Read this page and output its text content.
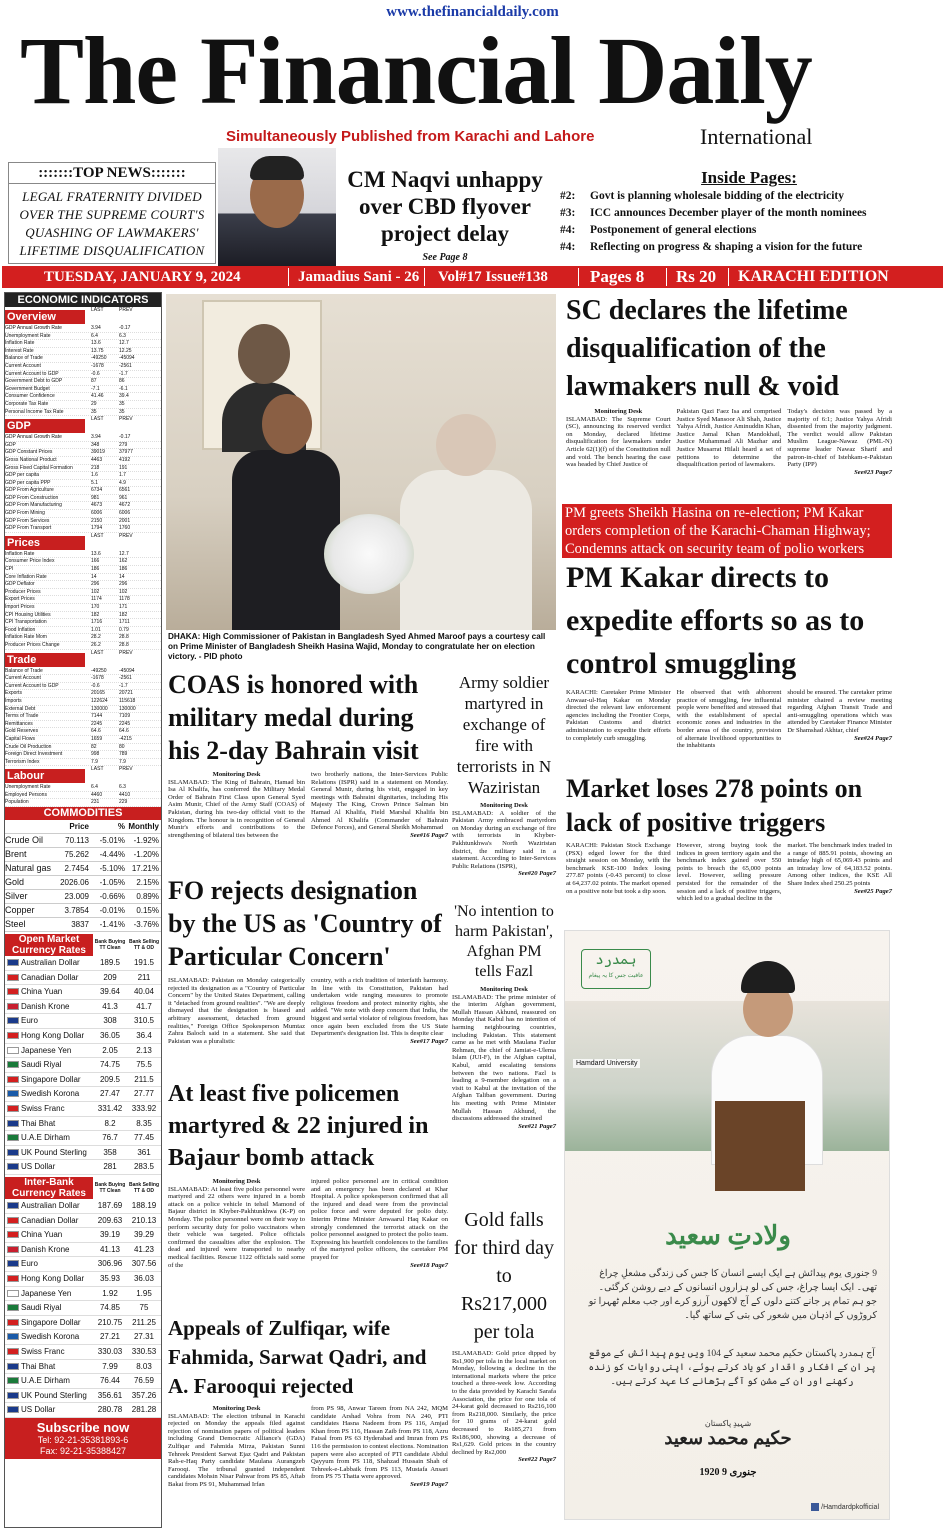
www.thefinancialdaily.com
The Financial Daily
Simultaneously Published from Karachi and Lahore	International
:::::::TOP NEWS:::::::
LEGAL FRATERNITY DIVIDED OVER THE SUPREME COURT'S QUASHING OF LAWMAKERS' LIFETIME DISQUALIFICATION
CM Naqvi unhappy over CBD flyover project delay
See Page 8
Inside Pages:
#2:	Govt is planning wholesale bidding of the electricity
#3:	ICC announces December player of the month nominees
#4:	Postponement of general elections
#4:	Reflecting on progress & shaping a vision for the future
TUESDAY, JANUARY 9, 2024	Jamadius Sani - 26 Vol#17 Issue#138 Pages 8 Rs 20 KARACHI EDITION
ECONOMIC INDICATORS
Overview
LAST	PREV
GDP Annual Growth Rate	3.94	-0.17
Unemployment Rate	6.4	6.3
Inflation Rate	13.6	12.7
Interest Rate	13.75	12.25
Balance of Trade	-49250	-45094
Current Account	-1678	-2561
Current Account to GDP	-0.6	-1.7
Government Debt to GDP	87	86
Government Budget	-7.1	-6.1
Consumer Confidence	41.46	39.4
Corporate Tax Rate	29	35
Personal Income Tax Rate	35	35
GDP
LAST	PREV
GDP Annual Growth Rate	3.94	-0.17
GDP	348	279
GDP Constant Prices	39019	37977
Gross National Product	4463	4192
Gross Fixed Capital Formation	218	191
GDP per capita	1.6	1.7
GDP per capita PPP	5.1	4.9
GDP From Agriculture	6734	6561
GDP From Construction	981	961
GDP From Manufacturing	4673	4672
GDP From Mining	6006	6006
GDP From Services	2150	2001
GDP From Transport	1794	1760
Prices
LAST	PREV
Inflation Rate	13.6	12.7
Consumer Price Index	166	162
CPI	186	186
Core Inflation Rate	14	14
GDP Deflator	296	296
Producer Prices	102	102
Export Prices	1174	1178
Import Prices	170	171
CPI Housing Utilities	182	182
CPI Transportation	1716	1711
Food Inflation	1.01	0.79
Inflation Rate Mom	28.2	28.8
Producer Prices Change	26.2	28.8
Trade
LAST	PREV
Balance of Trade	-49250	-45094
Current Account	-1678	-2561
Current Account to GDP	-0.6	-1.7
Exports	20165	20721
Imports	122624	115618
External Debt	130000	130000
Terms of Trade	7144	7109
Remittances	2245	2245
Gold Reserves	64.6	64.6
Capital Flows	1659	-4215
Crude Oil Production	82	80
Foreign Direct Investment	998	789
Terrorism Index	7.9	7.9
Labour
LAST	PREV
Unemployment Rate	6.4	6.3
Employed Persons	4460	4410
Population	231	229
COMMODITIES
Price	% Monthly
Crude Oil	70.113	-5.01%	-1.92%
Brent	75.262	-4.44%	-1.20%
Natural gas	2.7454	-5.10% 17.21%
Gold	2026.06	-1.05%	2.15%
Silver	23.009	-0.66%	0.89%
Copper	3.7854	-0.01%	0.15%
Steel	3837	-1.41%	-3.76%
Open Market Currency Rates
Bank Buying TT Clean
Bank Selling TT & OD
Australian Dollar	189.5	191.5
Canadian Dollar	209	211
China Yuan	39.64	40.04
Danish Krone	41.3	41.7
Euro	308	310.5
Hong Kong Dollar	36.05	36.4
Japanese Yen	2.05	2.13
Saudi Riyal	74.75	75.5
Singapore Dollar	209.5	211.5
Swedish Korona	27.47	27.77
Swiss Franc	331.42	333.92
Thai Bhat	8.2	8.35
U.A.E Dirham	76.7	77.45
UK Pound Sterling	358	361
US Dollar	281	283.5
Inter-Bank Currency Rates
Bank Buying TT Clean
Bank Selling TT & OD
Australian Dollar	187.69	188.19
Canadian Dollar	209.63	210.13
China Yuan	39.19	39.29
Danish Krone	41.13	41.23
Euro	306.96	307.56
Hong Kong Dollar	35.93	36.03
Japanese Yen	1.92	1.95
Saudi Riyal	74.85	75
Singapore Dollar	210.75	211.25
Swedish Korona	27.21	27.31
Swiss Franc	330.03	330.53
Thai Bhat	7.99	8.03
U.A.E Dirham	76.44	76.59
UK Pound Sterling	356.61	357.26
US Dollar	280.78	281.28
Subscribe now
Tel: 92-21-35381893-6
Fax: 92-21-35388427
DHAKA: High Commissioner of Pakistan in Bangladesh Syed Ahmed Maroof pays a courtesy call on Prime Minister of Bangladesh Sheikh Hasina Wajid, Monday to congratulate her on election victory. - PID photo
SC declares the lifetime disqualification of the lawmakers null & void
Monitoring Desk
ISLAMABAD: The Supreme Court (SC), announcing its reserved verdict on Monday, declared lifetime disqualification for lawmakers under Article 62(1)(f) of the Constitution null and void. The bench hearing the case was headed by Chief Justice of
Pakistan Qazi Faez Isa and comprised Justice Syed Mansoor Ali Shah, Justice Yahya Afridi, Justice Aminuddin Khan, Justice Jamal Khan Mandokhail, Justice Muhammad Ali Mazhar and Justice Musarrat Hilali heard a set of petitions to determine the disqualification period of lawmakers.
Today's decision was passed by a majority of 6:1; Justice Yahya Afridi dissented from the majority judgment. The verdict would allow Pakistan Muslim League-Nawaz (PML-N) supreme leader Nawaz Sharif and patron-in-chief of Istehkam-e-Pakistan Party (IPP)
See#23 Page7
PM greets Sheikh Hasina on re-election; PM Kakar orders completion of the Karachi-Chaman Highway; Condemns attack on security team of polio workers
PM Kakar directs to expedite efforts so as to control smuggling
KARACHI: Caretaker Prime Minister Anwaar-ul-Haq Kakar on Monday directed the relevant law enforcement agencies including the Frontier Corps, Pakistan Customs and district administration to expedite their efforts to completely curb smuggling.
He observed that with abhorrent practice of smuggling, few influential people were benefited and stressed that with the establishment of special economic zones and industries in the border areas of the country, provision of alternate livelihood opportunities to the inhabitants
should be ensured. The caretaker prime minister chaired a review meeting regarding Afghan Transit Trade and anti-smuggling operations which was attended by Caretaker Finance Minister Dr Shamshad Akhtar, chief
See#24 Page7
Market loses 278 points on lack of positive triggers
KARACHI: Pakistan Stock Exchange (PSX) edged lower for the third straight session on Monday, with the benchmark KSE-100 Index losing 277.87 points (-0.43 percent) to close at 64,237.02 points. The market opened on a positive note but took a dip soon.
However, strong buying took the indices in green territory again and the benchmark index gained over 550 points to breach the 65,000 points level. However, selling pressure persisted for the remainder of the session and a lack of positive triggers, which led to a gradual decline in the
market. The benchmark index traded in a range of 885.91 points, showing an intraday high of 65,069.43 points and an intraday low of 64,183.52 points. Among other indices, the KSE All Share Index shed 250.25 points
See#25 Page7
COAS is honored with military medal during his 2-day Bahrain visit
Monitoring Desk
ISLAMABAD: The King of Bahrain, Hamad bin Isa Al Khalifa, has conferred the Military Medal Order of Bahrain First Class upon General Syed Asim Munir, Chief of the Army Staff (COAS) of Pakistan, during his two-day official visit to the Kingdom. The honour is in recognition of General Munir's efforts and contributions to the strengthening of bilateral ties between the
two brotherly nations, the Inter-Services Public Relations (ISPR) said in a statement on Monday. General Munir, during his visit, engaged in key meetings with Bahraini dignitaries, including His Majesty The King, Crown Prince Salman bin Hamad Al Khalifa, Field Marshal Khalifa bin Ahmed Al Khalifa (Commander of Bahrain Defence Forces), and General Sheikh Mohammad
See#16 Page7
Army soldier martyred in exchange of fire with terrorists in N Waziristan
Monitoring Desk
ISLAMABAD: A soldier of the Pakistan Army embraced martyrdom on Monday during an exchange of fire with terrorists in Khyber-Pakhtunkhwa's North Waziristan district, the military said in a statement. According to Inter-Services Public Relations (ISPR),
See#20 Page7
FO rejects designation by the US as 'Country of Particular Concern'
ISLAMABAD: Pakistan on Monday categorically rejected its designation as a "Country of Particular Concern" by the United States Department, calling it "detached from ground realities". "We are deeply dismayed that the designation is biased and arbitrary assessment, detached from ground realities," Foreign Office Spokesperson Mumtaz Zahra Baloch said in a statement. She said that Pakistan was a pluralistic
country, with a rich tradition of interfaith harmony. In line with its Constitution, Pakistan had undertaken wide ranging measures to promote religious freedom and protect minority rights, she added. "We note with deep concern that India, the biggest and serial violator of religious freedom, has once again been excluded from the US State Department's designation list. This is despite clear
See#17 Page7
'No intention to harm Pakistan', Afghan PM tells Fazl
Monitoring Desk
ISLAMABAD: The prime minister of the interim Afghan government, Mullah Hassan Akhund, reassured on Monday that Kabul has no intention of harming neighbouring countries, including Pakistan. This statement came as he met with Maulana Fazlur Rehman, the chief of Jamiat-e-Ulema Islam (JUI-F), in the Afghan capital, Kabul, amid escalating tensions between the two nations. Fazl is leading a 9-member delegation on a visit to Kabul at the invitation of the Afghan Taliban government. During his meeting with Prime Minister Mullah Hassan Akhund, the discussions addressed the strained
See#21 Page7
At least five policemen martyred & 22 injured in Bajaur bomb attack
Monitoring Desk
ISLAMABAD: At least five police personnel were martyred and 22 others were injured in a bomb attack on a police vehicle in tehsil Mamond of Bajaur district in Khyber-Pakhtunkhwa (K-P) on Monday. The police personnel were on their way to perform security duty for polio vaccinators when their vehicle was targeted. Police officials confirmed the casualties after the explosion. The dead and injured were transported to nearby medical facilities. Rescue 1122 officials said some of the
injured police personnel are in critical condition and an emergency has been declared at Khar Hospital. A police spokesperson confirmed that all the injured and dead were from the provincial police force and were deputed for polio duty. Interim Prime Minister Anwaarul Haq Kakar on strongly condemned the terrorist attack on the police personnel assigned to protect the polio team. Expressing his heartfelt condolences to the families of the martyred police officers, the caretaker PM prayed for
See#18 Page7
Gold falls for third day to Rs217,000 per tola
ISLAMABAD: Gold price dipped by Rs1,900 per tola in the local market on Monday, following a decline in the international markets where the price touched a three-week low. According to the data provided by Karachi Sarafa Association, the price for one tola of 24-karat gold decreased to Rs216,100 from Rs218,000. Similarly, the price for 10 grams of 24-karat gold decreased to Rs185,271 from Rs186,900, showing a decrease of Rs1,629. Gold prices in the country declined by Rs2,000
See#22 Page7
Appeals of Zulfiqar, wife Fahmida, Sarwat Qadri, and A. Farooqui rejected
Monitoring Desk
ISLAMABAD: The election tribunal in Karachi rejected on Monday the appeals filed against rejection of nomination papers of political leaders including Grand Democratic Alliance's (GDA) Zulfiqar and Fahmida Mirza, Pakistan Sunni Tehreek President Sarwat Ejaz Qadri and Pakistan Rah-e-Haq Party candidate Maulana Aurangzeb Farooqi. The tribunal granted independent candidates Mohsin Nisar Pahwar from PS 85, Aftab Bakai from PS 91, Muhammad Irfan
from PS 98, Anwar Tareen from NA 242, MQM candidate Arshad Vohra from NA 240, PTI candidates Hasna Nadeem from PS 116, Amjad Khan from PS 116, Hassan Zaib from PS 118, Azru Faisal from PS 63 Hyderabad and Imran from PS 116 the permission to contest elections. Nomination papers were also accepted of PTI candidate Abdul Qayyum from PS 118, Shahzad Hussain Shah of Tehreek-e-Labbaik from PS 113, Mustafa Ansari from PS 75 Thatta were approved.
See#19 Page7
Hamdard University
ہمدرد
عافیت جس کا یہ پیغام
ولادتِ سعید
9 جنوری یوم پیدائش ہے ایک ایسے انسان کا جس کی زندگی مشعلِ چراغ تھی۔ ایک ایسا چراغ، جس کی لو ہزاروں انسانوں کے دیے روشن کرگئی۔ جو ہم تمام پر جانے کتنے دلوں کے آج لاکھوں آرزو کرے اور جب معلم ٹھہرا تو کروڑوں کے اذہان میں شعور کی بتی کے ساتھ گیا۔
آج ہمدرد پاکستان حکیم محمد سعید کے 104 ویں یوم پیدائش کے موقع پر ان کے افکار و اقدار کو یاد کرتے ہوئے، اپنی روایات کو زندہ رکھنے اور ان کے مشن کو آگے بڑھانے کا عہد کرتے ہیں۔
شہیدِ پاکستان
حکیم محمد سعید
1920 9 جنوری
/Hamdardpkofficial
